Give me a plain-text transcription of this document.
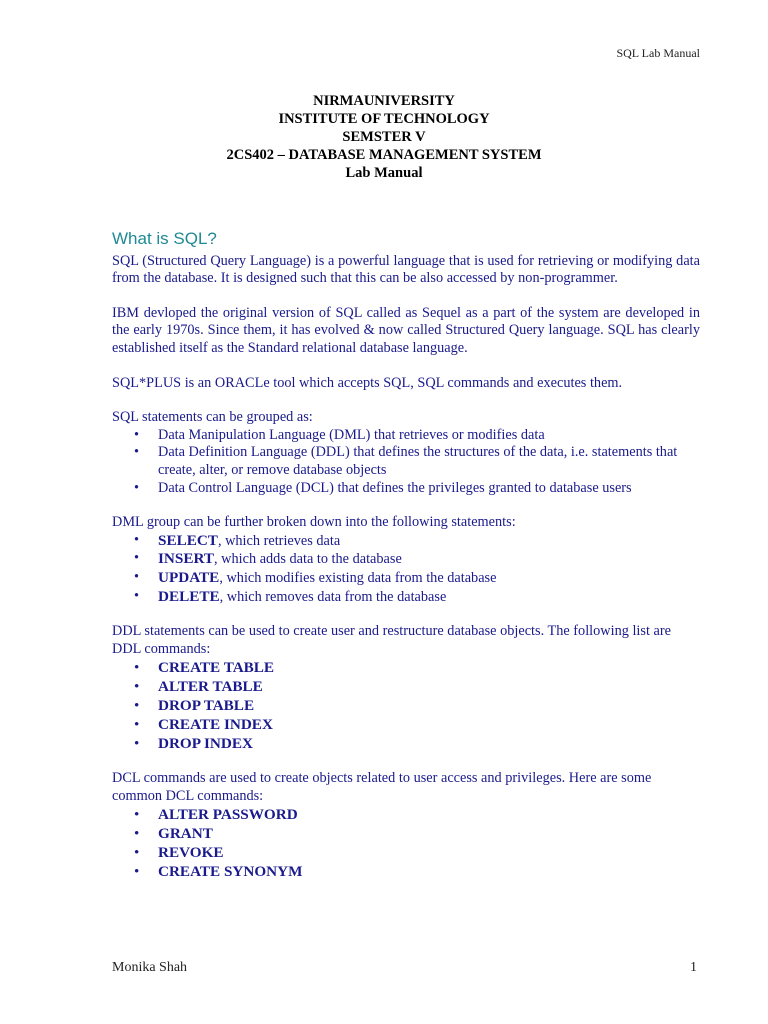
SQL Lab Manual
NIRMAUNIVERSITY
INSTITUTE OF TECHNOLOGY
SEMSTER V
2CS402 – DATABASE MANAGEMENT SYSTEM
Lab Manual
What is SQL?

SQL (Structured Query Language) is a powerful language that is used for retrieving or modifying data from the database. It is designed such that this can be also accessed by non-programmer.

IBM devloped the original version of SQL called as Sequel as a part of the system are developed in the early 1970s. Since them, it has evolved & now called Structured Query language. SQL has clearly established itself as the Standard relational database language.

SQL*PLUS is an ORACLe tool which accepts SQL, SQL commands and executes them.

SQL statements can be grouped as:

• Data Manipulation Language (DML) that retrieves or modifies data
• Data Definition Language (DDL) that defines the structures of the data, i.e. statements that create, alter, or remove database objects
• Data Control Language (DCL) that defines the privileges granted to database users

DML group can be further broken down into the following statements:

• SELECT, which retrieves data
• INSERT, which adds data to the database
• UPDATE, which modifies existing data from the database
• DELETE, which removes data from the database

DDL statements can be used to create user and restructure database objects. The following list are DDL commands:

• CREATE TABLE
• ALTER TABLE
• DROP TABLE
• CREATE INDEX
• DROP INDEX

DCL commands are used to create objects related to user access and privileges. Here are some common DCL commands:

• ALTER PASSWORD
• GRANT
• REVOKE
• CREATE SYNONYM
Monika Shah	1
